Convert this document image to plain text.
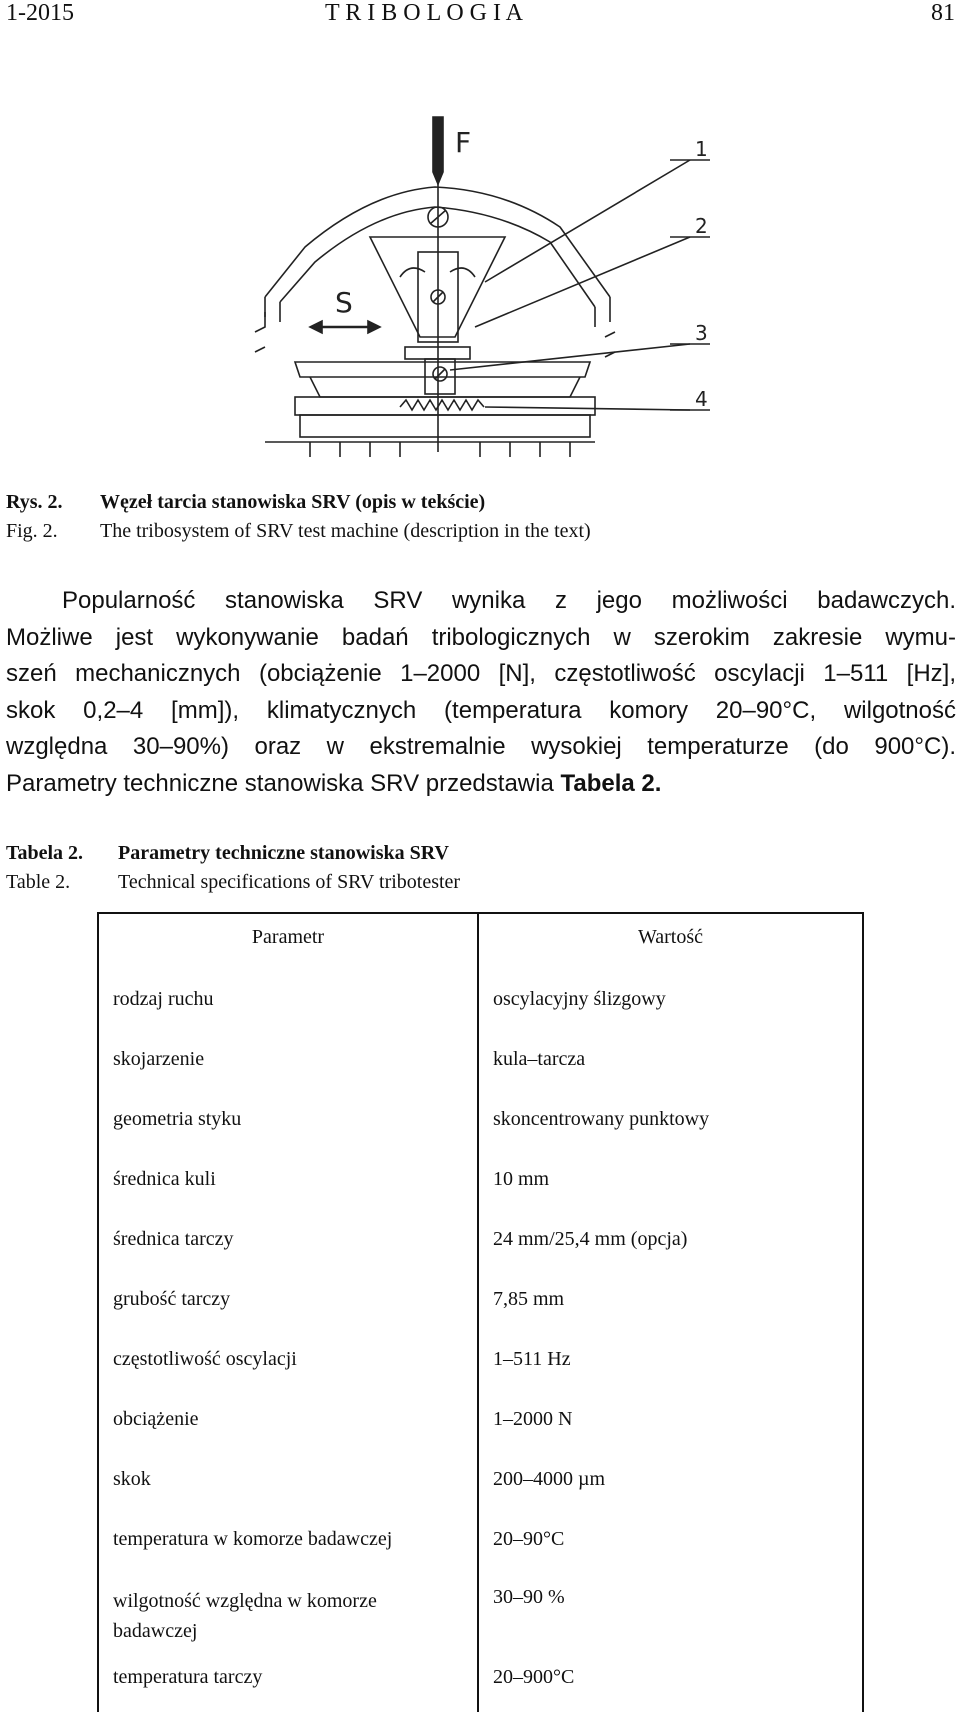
1-2015	T R I B O L O G I A	81
F
S
1
2
3
4
Rys. 2. Węzeł tarcia stanowiska SRV (opis w tekście)
Fig. 2. The tribosystem of SRV test machine (description in the text)
Popularność stanowiska SRV wynika z jego możliwości badawczych.
Możliwe jest wykonywanie badań tribologicznych w szerokim zakresie wymu-
szeń mechanicznych (obciążenie 1–2000 [N], częstotliwość oscylacji 1–511 [Hz],
skok 0,2–4 [mm]), klimatycznych (temperatura komory 20–90°C, wilgotność
względna 30–90%) oraz w ekstremalnie wysokiej temperaturze (do 900°C).
Parametry techniczne stanowiska SRV przedstawia Tabela 2.
Tabela 2. Parametry techniczne stanowiska SRV
Table 2. Technical specifications of SRV tribotester
Parametr	Wartość
rodzaj ruchu	oscylacyjny ślizgowy
skojarzenie	kula–tarcza
geometria styku	skoncentrowany punktowy
średnica kuli	10 mm
średnica tarczy	24 mm/25,4 mm (opcja)
grubość tarczy	7,85 mm
częstotliwość oscylacji	1–511 Hz
obciążenie	1–2000 N
skok	200–4000 µm
temperatura w komorze badawczej	20–90°C
wilgotność względna w komorze badawczej	30–90 %
temperatura tarczy	20–900°C
